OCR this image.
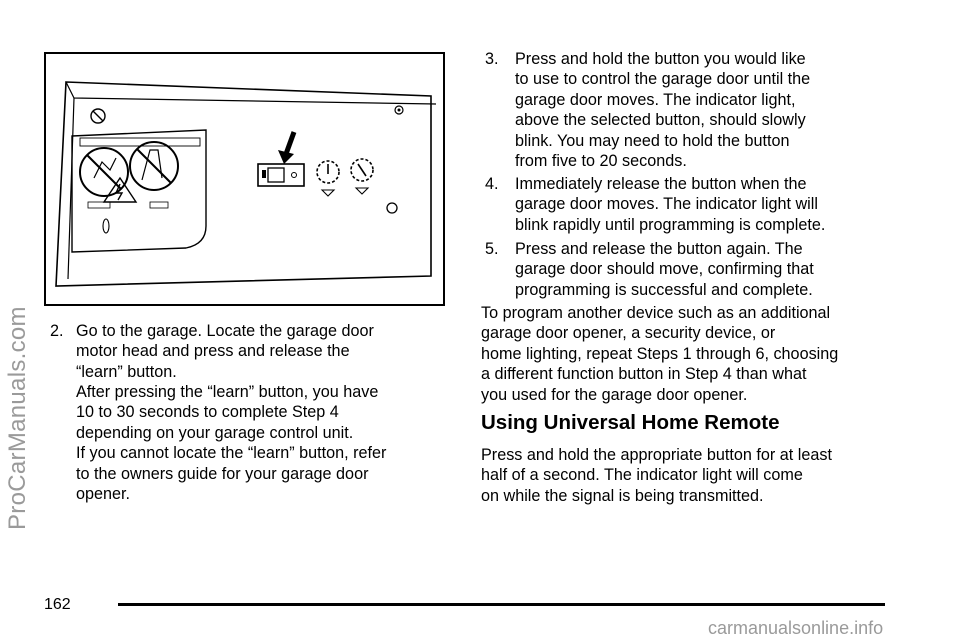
2. Go to the garage. Locate the garage door
motor head and press and release the
“learn” button.

After pressing the “learn” button, you have
10 to 30 seconds to complete Step 4
depending on your garage control unit.
If you cannot locate the “learn” button, refer
to the owners guide for your garage door
opener.

3. Press and hold the button you would like
to use to control the garage door until the
garage door moves. The indicator light,
above the selected button, should slowly
blink. You may need to hold the button
from five to 20 seconds.

4. Immediately release the button when the
garage door moves. The indicator light will
blink rapidly until programming is complete.

5. Press and release the button again. The
garage door should move, confirming that
programming is successful and complete.

To program another device such as an additional
garage door opener, a security device, or
home lighting, repeat Steps 1 through 6, choosing
a different function button in Step 4 than what
you used for the garage door opener.

Using Universal Home Remote

Press and hold the appropriate button for at least
half of a second. The indicator light will come
on while the signal is being transmitted.

162
ProCarManuals.com
carmanualsonline.info
